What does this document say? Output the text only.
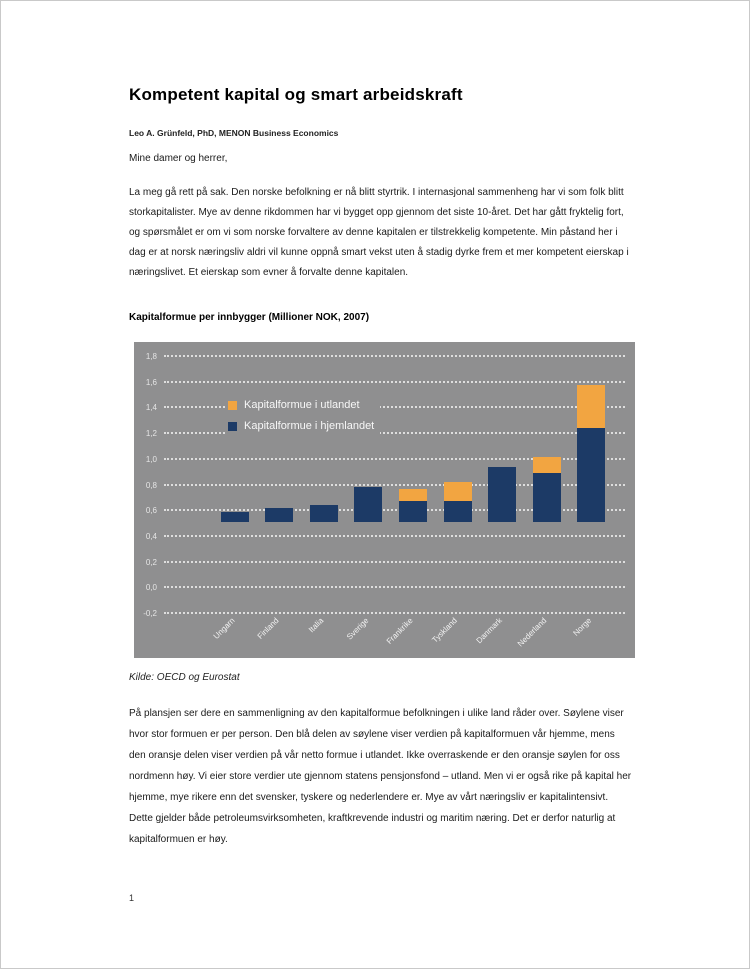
Kompetent kapital og smart arbeidskraft
Leo A. Grünfeld, PhD, MENON Business Economics
Mine damer og herrer,
La meg gå rett på sak. Den norske befolkning er nå blitt styrtrik. I internasjonal sammenheng har vi som folk blitt storkapitalister. Mye av denne rikdommen har vi bygget opp gjennom det siste 10-året. Det har gått fryktelig fort, og spørsmålet er om vi som norske forvaltere av denne kapitalen er tilstrekkelig kompetente. Min påstand her i dag er at norsk næringsliv aldri vil kunne oppnå smart vekst uten å stadig dyrke frem et mer kompetent eierskap i næringslivet. Et eierskap som evner å forvalte denne kapitalen.
Kapitalformue per innbygger (Millioner NOK, 2007)
1,8
1,6
1,4
1,2
1,0
0,8
0,6
0,4
0,2
0,0
-0,2
Ungarn Finland	Italia Sverige Frankrike Tyskland Danmark Nederland	Norge
Kapitalformue i utlandet
Kapitalformue i hjemlandet
Kilde: OECD og Eurostat
På plansjen ser dere en sammenligning av den kapitalformue befolkningen i ulike land råder over. Søylene viser hvor stor formuen er per person. Den blå delen av søylene viser verdien på kapitalformuen vår hjemme, mens den oransje delen viser verdien på vår netto formue i utlandet. Ikke overraskende er den oransje søylen for oss nordmenn høy. Vi eier store verdier ute gjennom statens pensjonsfond – utland. Men vi er også rike på kapital her hjemme, mye rikere enn det svensker, tyskere og nederlendere er. Mye av vårt næringsliv er kapitalintensivt. Dette gjelder både petroleumsvirksomheten, kraftkrevende industri og maritim næring. Det er derfor naturlig at kapitalformuen er høy.
1
